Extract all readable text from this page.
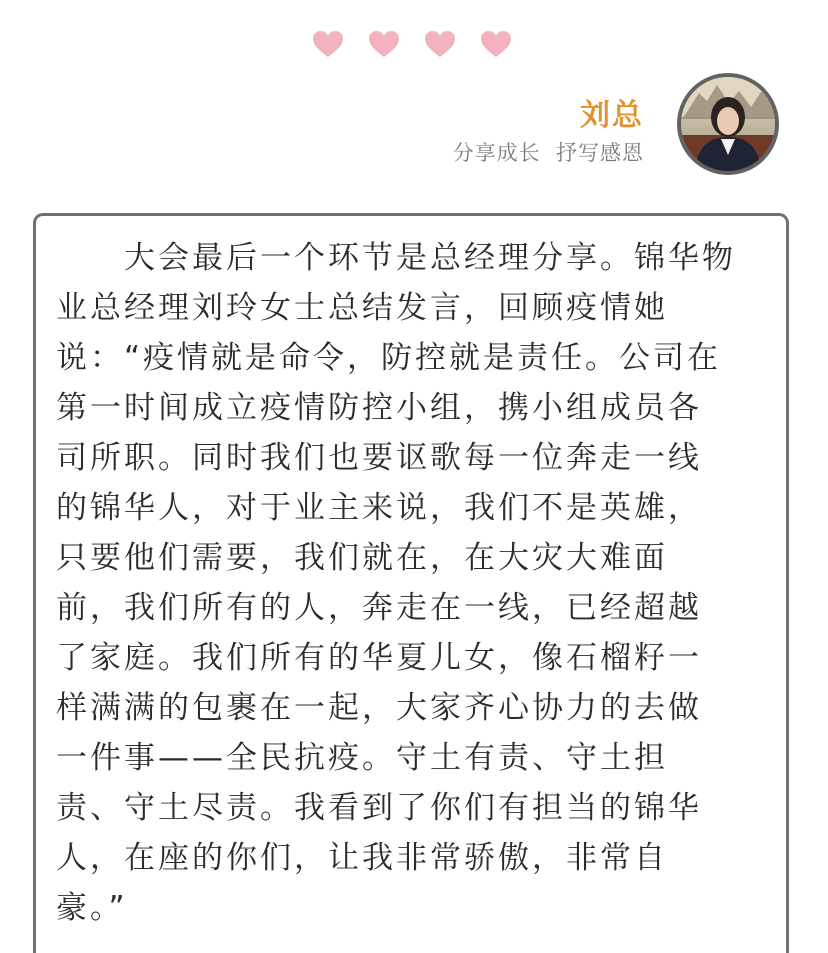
刘总
分享成长  抒写感恩

　　大会最后一个环节是总经理分享。锦华物
业总经理刘玲女士总结发言，回顾疫情她
说：“疫情就是命令，防控就是责任。公司在
第一时间成立疫情防控小组，携小组成员各
司所职。同时我们也要讴歌每一位奔走一线
的锦华人，对于业主来说，我们不是英雄，
只要他们需要，我们就在，在大灾大难面
前，我们所有的人，奔走在一线，已经超越
了家庭。我们所有的华夏儿女，像石榴籽一
样满满的包裹在一起，大家齐心协力的去做
一件事——全民抗疫。守土有责、守土担
责、守土尽责。我看到了你们有担当的锦华
人，在座的你们，让我非常骄傲，非常自
豪。”
